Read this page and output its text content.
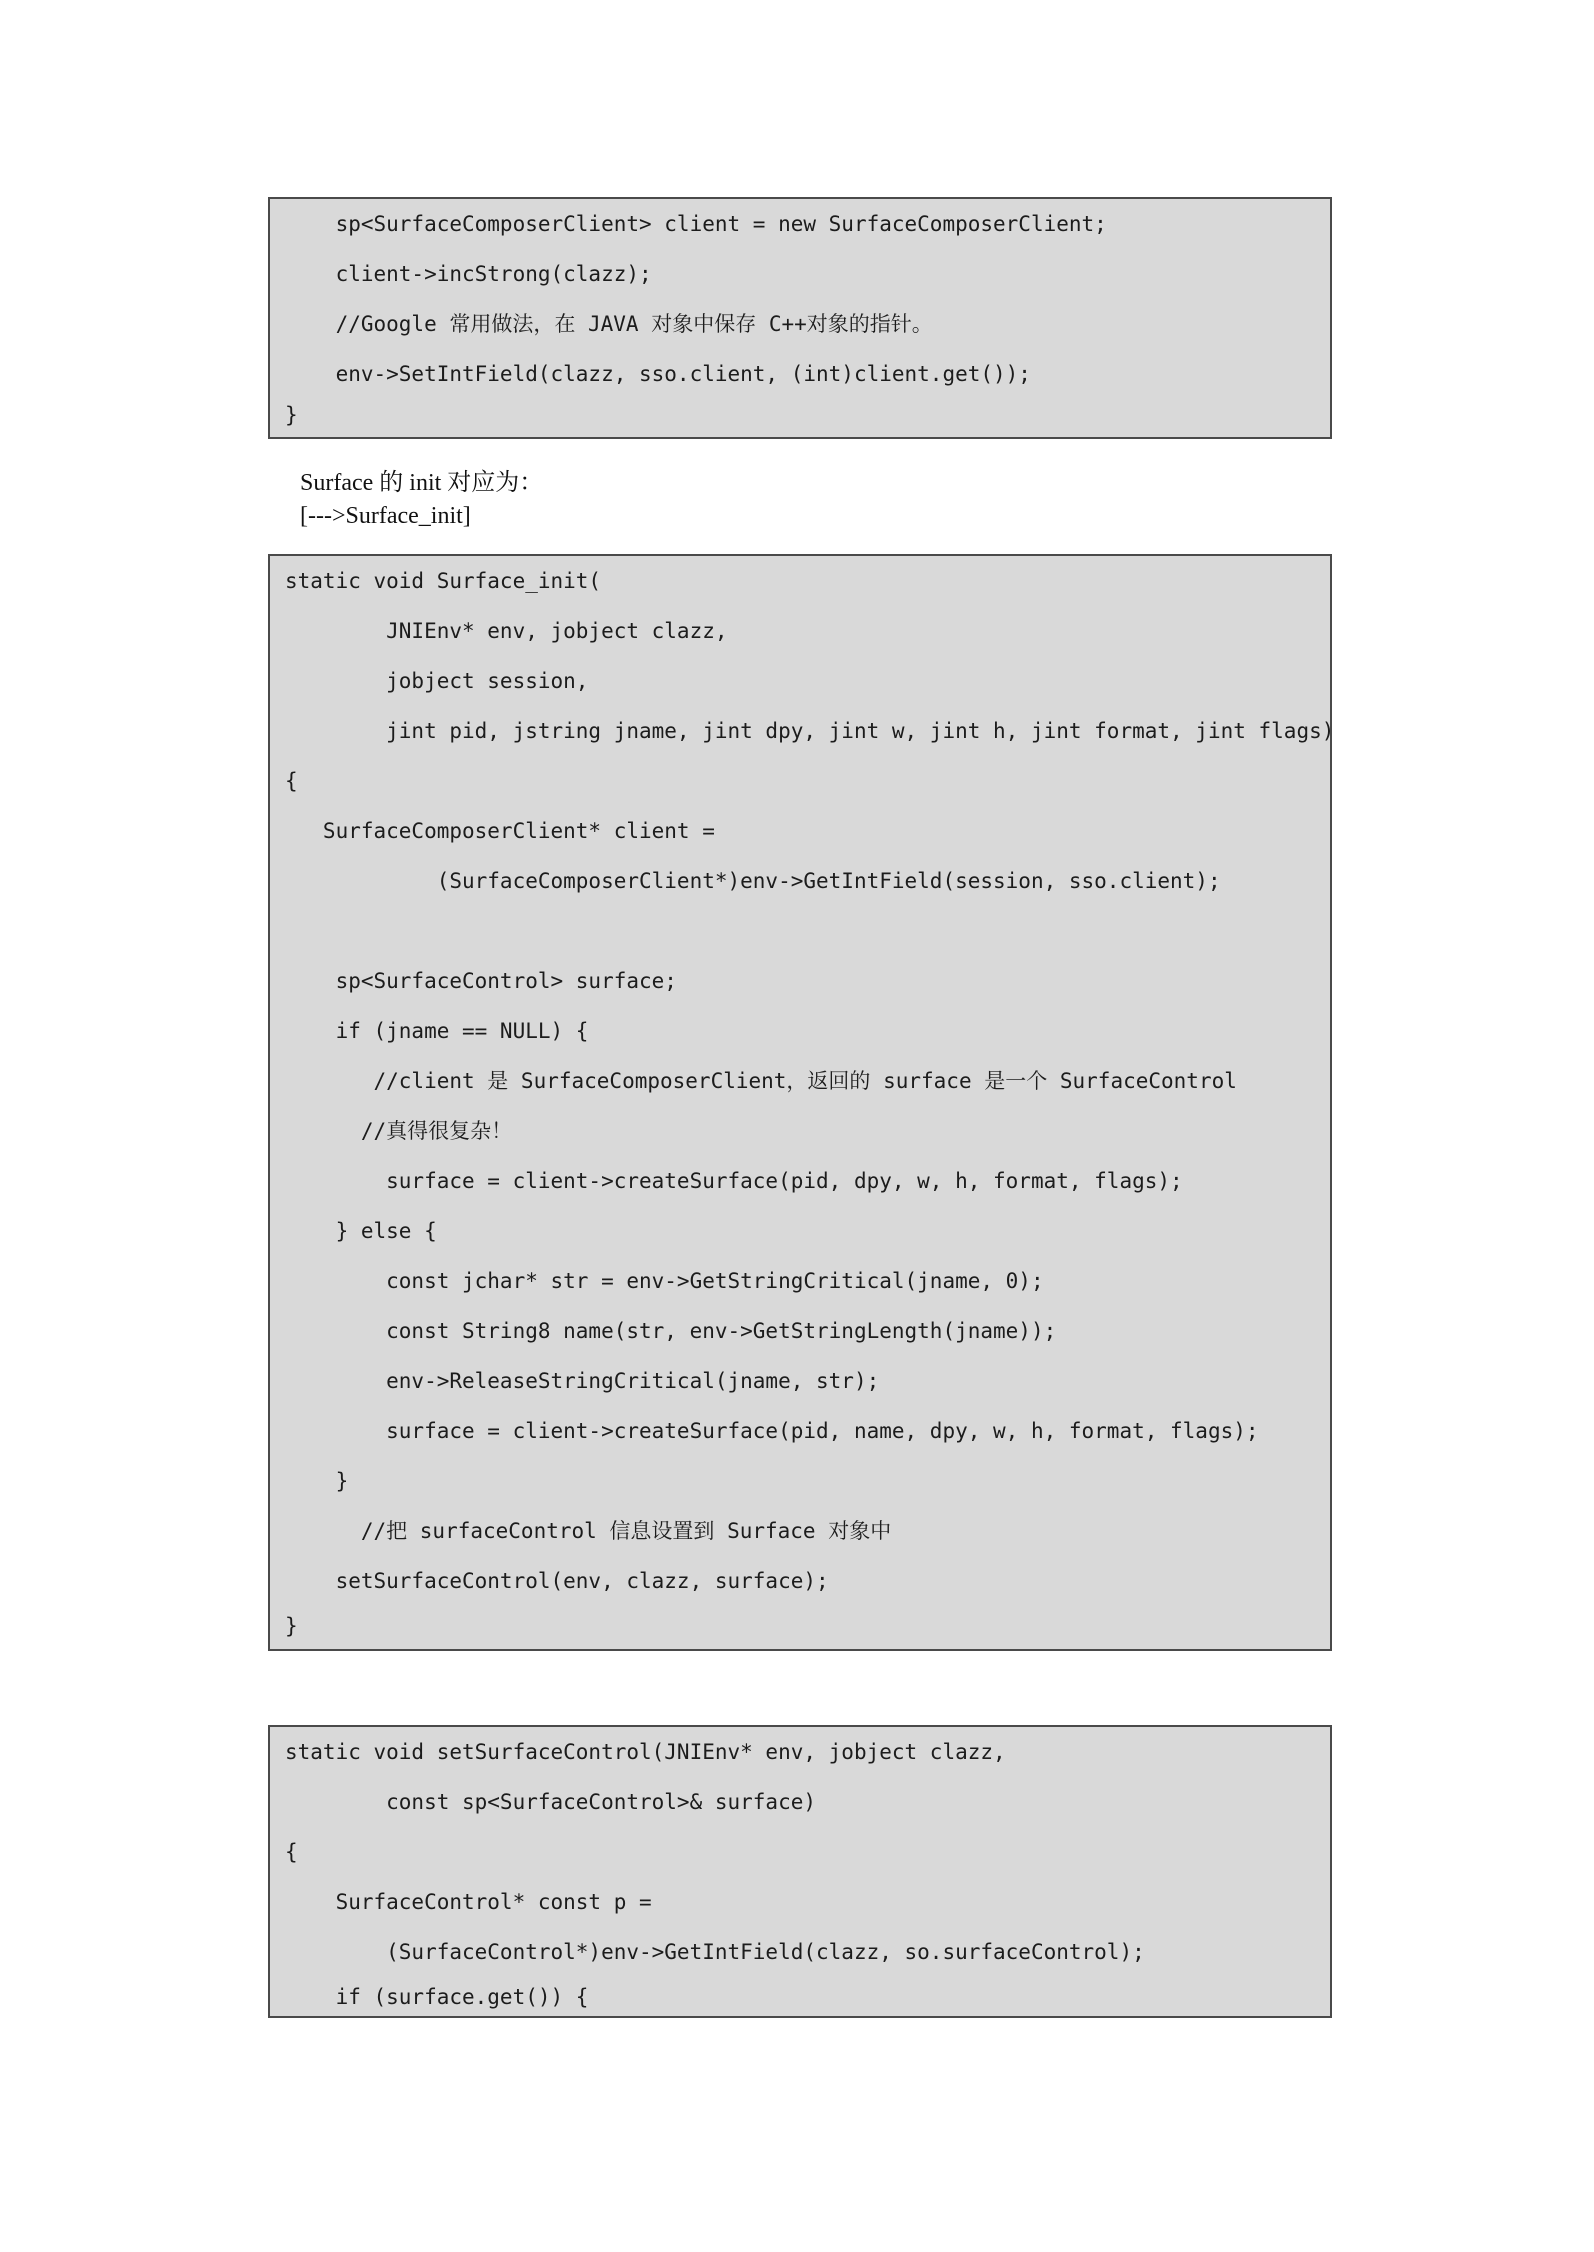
sp<SurfaceComposerClient> client = new SurfaceComposerClient;
client->incStrong(clazz);
//Google 常用做法，在 JAVA 对象中保存 C++对象的指针。
env->SetIntField(clazz, sso.client, (int)client.get());
}
Surface 的 init 对应为：
[--->Surface_init]
static void Surface_init(
JNIEnv* env, jobject clazz,
jobject session,
jint pid, jstring jname, jint dpy, jint w, jint h, jint format, jint flags)
{
SurfaceComposerClient* client =
(SurfaceComposerClient*)env->GetIntField(session, sso.client);
sp<SurfaceControl> surface;
if (jname == NULL) {
//client 是 SurfaceComposerClient，返回的 surface 是一个 SurfaceControl
//真得很复杂！
surface = client->createSurface(pid, dpy, w, h, format, flags);
} else {
const jchar* str = env->GetStringCritical(jname, 0);
const String8 name(str, env->GetStringLength(jname));
env->ReleaseStringCritical(jname, str);
surface = client->createSurface(pid, name, dpy, w, h, format, flags);
}
//把 surfaceControl 信息设置到 Surface 对象中
setSurfaceControl(env, clazz, surface);
}
static void setSurfaceControl(JNIEnv* env, jobject clazz,
const sp<SurfaceControl>& surface)
{
SurfaceControl* const p =
(SurfaceControl*)env->GetIntField(clazz, so.surfaceControl);
if (surface.get()) {
